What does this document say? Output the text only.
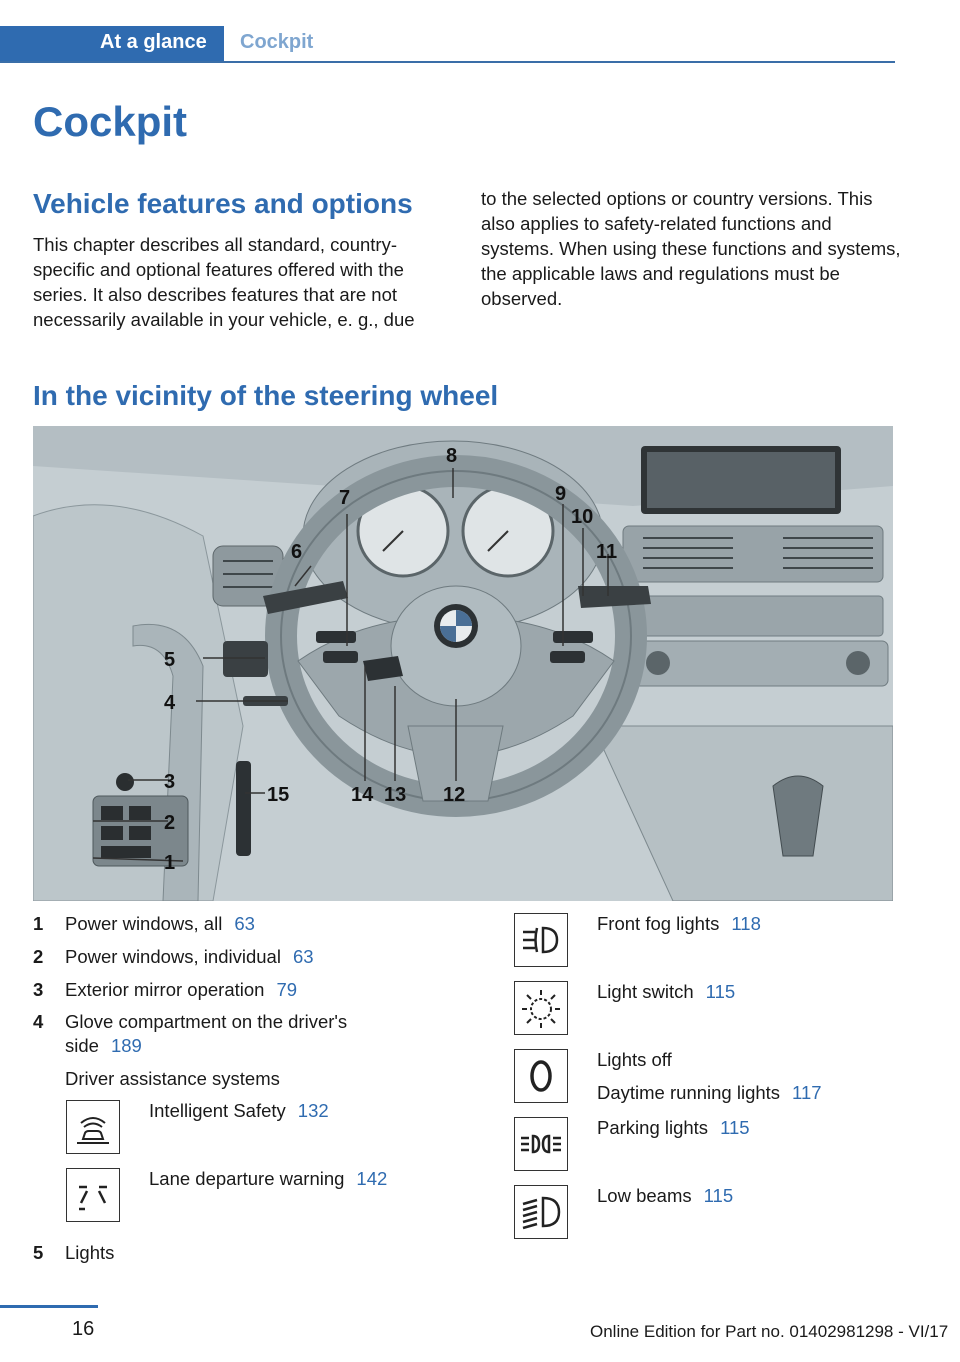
At a glance	Cockpit
Cockpit
Vehicle features and options
This chapter describes all standard, country-specific and optional features offered with the series. It also describes features that are not necessarily available in your vehicle, e. g., due
to the selected options or country versions. This also applies to safety-related functions and systems. When using these functions and systems, the applicable laws and regulations must be observed.
In the vicinity of the steering wheel
1
2
3
4
5
6
7
8
9
10
11
12
13
14
15
1 Power windows, all 63
2 Power windows, individual 63
3 Exterior mirror operation 79
4 Glove compartment on the driver's
side 189
Driver assistance systems
Intelligent Safety 132
Lane departure warning 142
5 Lights
Front fog lights 118
Light switch 115
Lights off
Daytime running lights 117
Parking lights 115
Low beams 115
16	Online Edition for Part no. 01402981298 - VI/17
